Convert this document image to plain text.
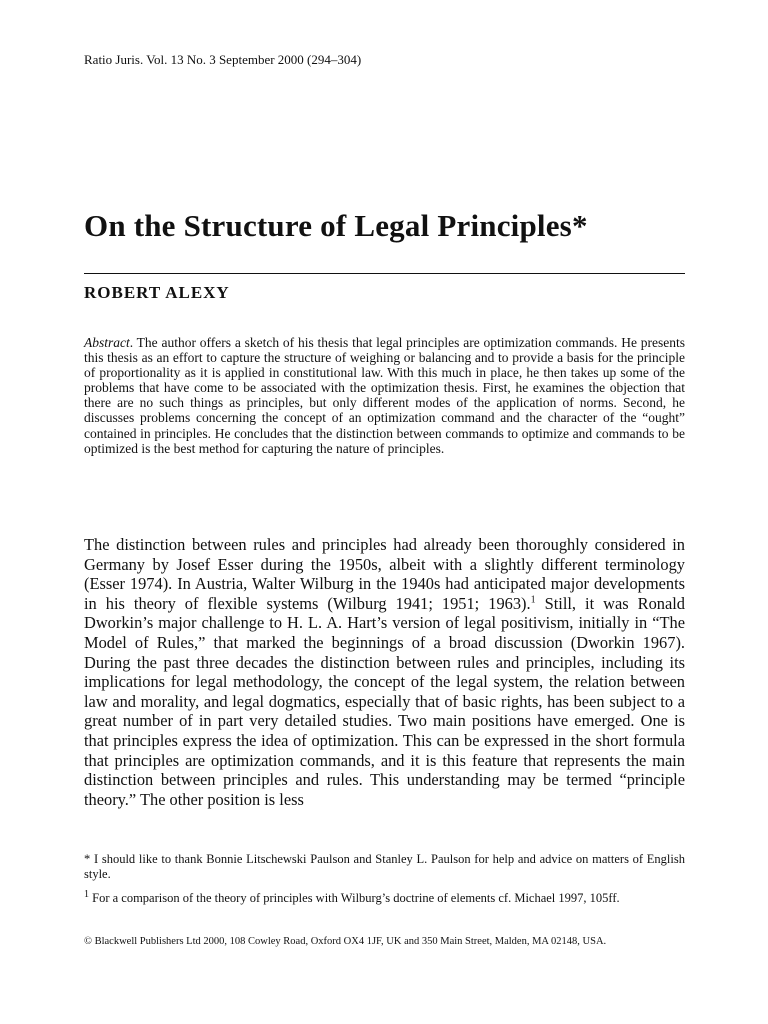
Ratio Juris. Vol. 13 No. 3 September 2000 (294–304)
On the Structure of Legal Principles*
ROBERT ALEXY
Abstract. The author offers a sketch of his thesis that legal principles are optimization commands. He presents this thesis as an effort to capture the structure of weighing or balancing and to provide a basis for the principle of proportionality as it is applied in constitutional law. With this much in place, he then takes up some of the problems that have come to be associated with the optimization thesis. First, he examines the objection that there are no such things as principles, but only different modes of the application of norms. Second, he discusses problems concerning the concept of an optimization command and the character of the “ought” contained in principles. He concludes that the distinction between commands to optimize and commands to be optimized is the best method for capturing the nature of principles.

The distinction between rules and principles had already been thoroughly considered in Germany by Josef Esser during the 1950s, albeit with a slightly different terminology (Esser 1974). In Austria, Walter Wilburg in the 1940s had anticipated major developments in his theory of flexible systems (Wilburg 1941; 1951; 1963).$^1$ Still, it was Ronald Dworkin’s major challenge to H. L. A. Hart’s version of legal positivism, initially in “The Model of Rules,” that marked the beginnings of a broad discussion (Dworkin 1967). During the past three decades the distinction between rules and principles, including its implications for legal methodology, the concept of the legal system, the relation between law and morality, and legal dogmatics, especially that of basic rights, has been subject to a great number of in part very detailed studies. Two main positions have emerged. One is that principles express the idea of optimization. This can be expressed in the short formula that principles are optimization commands, and it is this feature that represents the main distinction between principles and rules. This understanding may be termed “principle theory.” The other position is less

* I should like to thank Bonnie Litschewski Paulson and Stanley L. Paulson for help and advice on matters of English style.

$^1$ For a comparison of the theory of principles with Wilburg’s doctrine of elements cf. Michael 1997, 105ff.

© Blackwell Publishers Ltd 2000, 108 Cowley Road, Oxford OX4 1JF, UK and 350 Main Street, Malden, MA 02148, USA.
